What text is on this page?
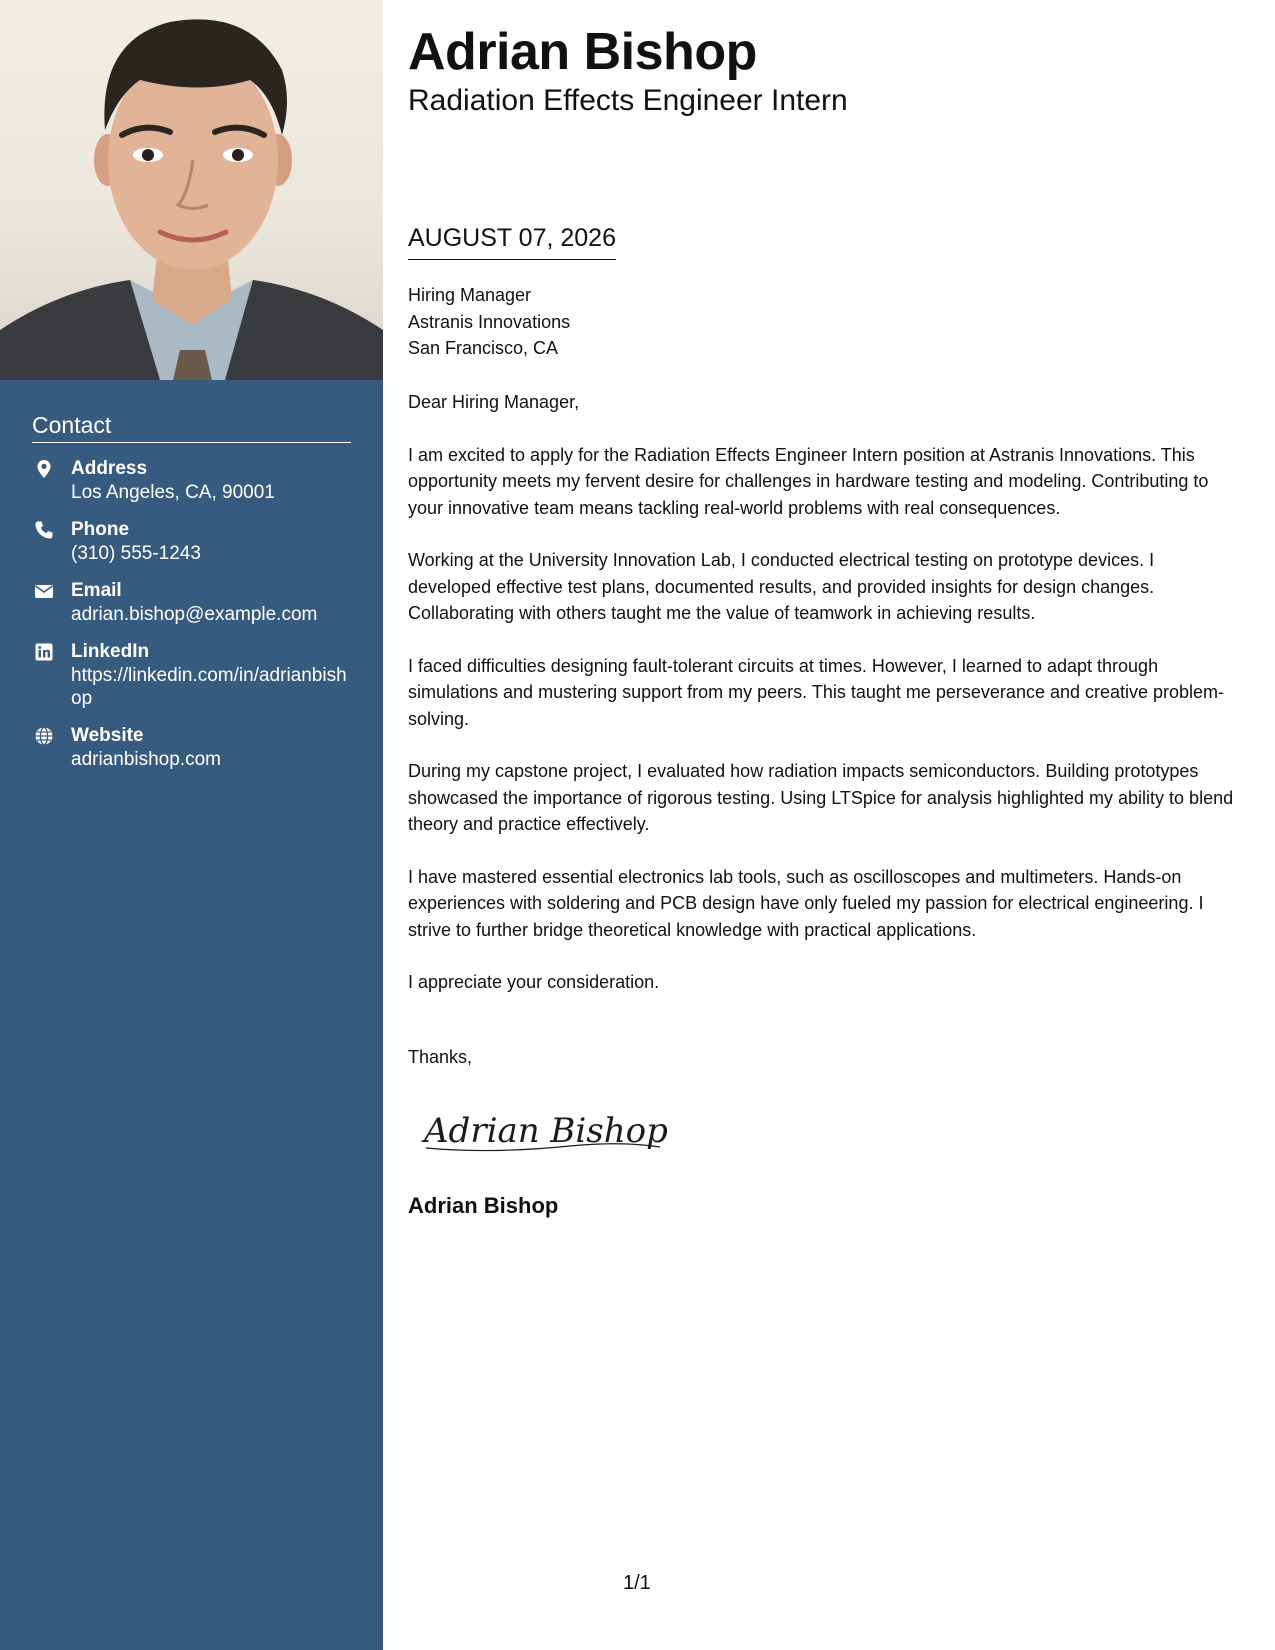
Contact
Address
Los Angeles, CA, 90001
Phone
(310) 555-1243
Email
adrian.bishop@example.com
LinkedIn
https://linkedin.com/in/adrianbishop
Website
adrianbishop.com
Adrian Bishop
Radiation Effects Engineer Intern
AUGUST 07, 2026
Hiring Manager
Astranis Innovations
San Francisco, CA

Dear Hiring Manager,

I am excited to apply for the Radiation Effects Engineer Intern position at Astranis Innovations. This opportunity meets my fervent desire for challenges in hardware testing and modeling. Contributing to your innovative team means tackling real-world problems with real consequences.

Working at the University Innovation Lab, I conducted electrical testing on prototype devices. I developed effective test plans, documented results, and provided insights for design changes. Collaborating with others taught me the value of teamwork in achieving results.

I faced difficulties designing fault-tolerant circuits at times. However, I learned to adapt through simulations and mustering support from my peers. This taught me perseverance and creative problem-solving.

During my capstone project, I evaluated how radiation impacts semiconductors. Building prototypes showcased the importance of rigorous testing. Using LTSpice for analysis highlighted my ability to blend theory and practice effectively.

I have mastered essential electronics lab tools, such as oscilloscopes and multimeters. Hands-on experiences with soldering and PCB design have only fueled my passion for electrical engineering. I strive to further bridge theoretical knowledge with practical applications.

I appreciate your consideration.

Thanks,
Adrian Bishop
Adrian Bishop
1/1
